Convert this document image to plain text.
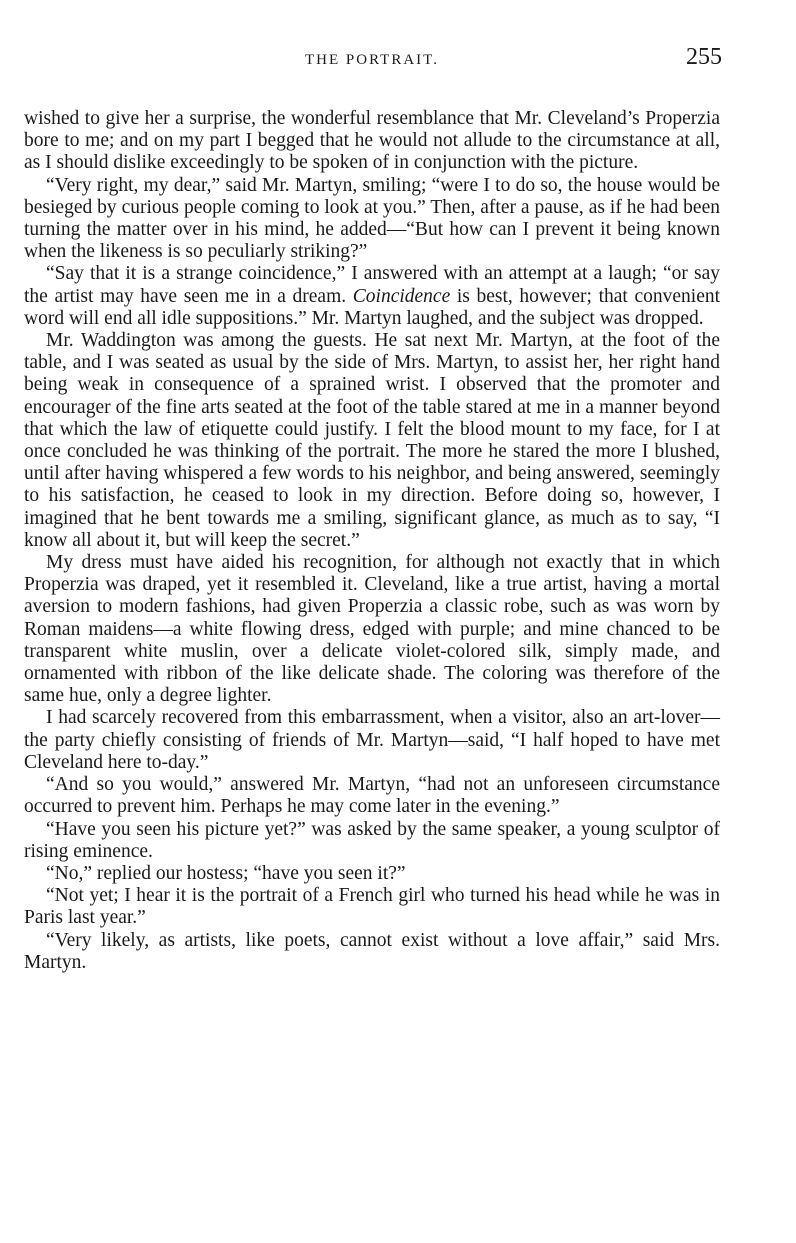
THE PORTRAIT.	255

wished to give her a surprise, the wonderful resemblance that Mr. Cleveland’s Properzia bore to me; and on my part I begged that he would not allude to the circumstance at all, as I should dislike exceedingly to be spoken of in conjunction with the picture.

“Very right, my dear,” said Mr. Martyn, smiling; “were I to do so, the house would be besieged by curious people coming to look at you.” Then, after a pause, as if he had been turning the matter over in his mind, he added—“But how can I prevent it being known when the likeness is so peculiarly striking?”

“Say that it is a strange coincidence,” I answered with an attempt at a laugh; “or say the artist may have seen me in a dream. Coincidence is best, however; that convenient word will end all idle suppositions.” Mr. Martyn laughed, and the subject was dropped.

Mr. Waddington was among the guests. He sat next Mr. Martyn, at the foot of the table, and I was seated as usual by the side of Mrs. Martyn, to assist her, her right hand being weak in consequence of a sprained wrist. I observed that the promoter and encourager of the fine arts seated at the foot of the table stared at me in a manner beyond that which the law of etiquette could justify. I felt the blood mount to my face, for I at once concluded he was thinking of the portrait. The more he stared the more I blushed, until after having whispered a few words to his neighbor, and being answered, seemingly to his satisfaction, he ceased to look in my direction. Before doing so, however, I imagined that he bent towards me a smiling, significant glance, as much as to say, “I know all about it, but will keep the secret.”

My dress must have aided his recognition, for although not exactly that in which Properzia was draped, yet it resembled it. Cleveland, like a true artist, having a mortal aversion to modern fashions, had given Properzia a classic robe, such as was worn by Roman maidens—a white flowing dress, edged with purple; and mine chanced to be transparent white muslin, over a delicate violet-colored silk, simply made, and ornamented with ribbon of the like delicate shade. The coloring was therefore of the same hue, only a degree lighter.

I had scarcely recovered from this embarrassment, when a visitor, also an art-lover—the party chiefly consisting of friends of Mr. Martyn—said, “I half hoped to have met Cleveland here to-day.”

“And so you would,” answered Mr. Martyn, “had not an unforeseen circumstance occurred to prevent him. Perhaps he may come later in the evening.”

“Have you seen his picture yet?” was asked by the same speaker, a young sculptor of rising eminence.

“No,” replied our hostess; “have you seen it?”

“Not yet; I hear it is the portrait of a French girl who turned his head while he was in Paris last year.”

“Very likely, as artists, like poets, cannot exist without a love affair,” said Mrs. Martyn.
